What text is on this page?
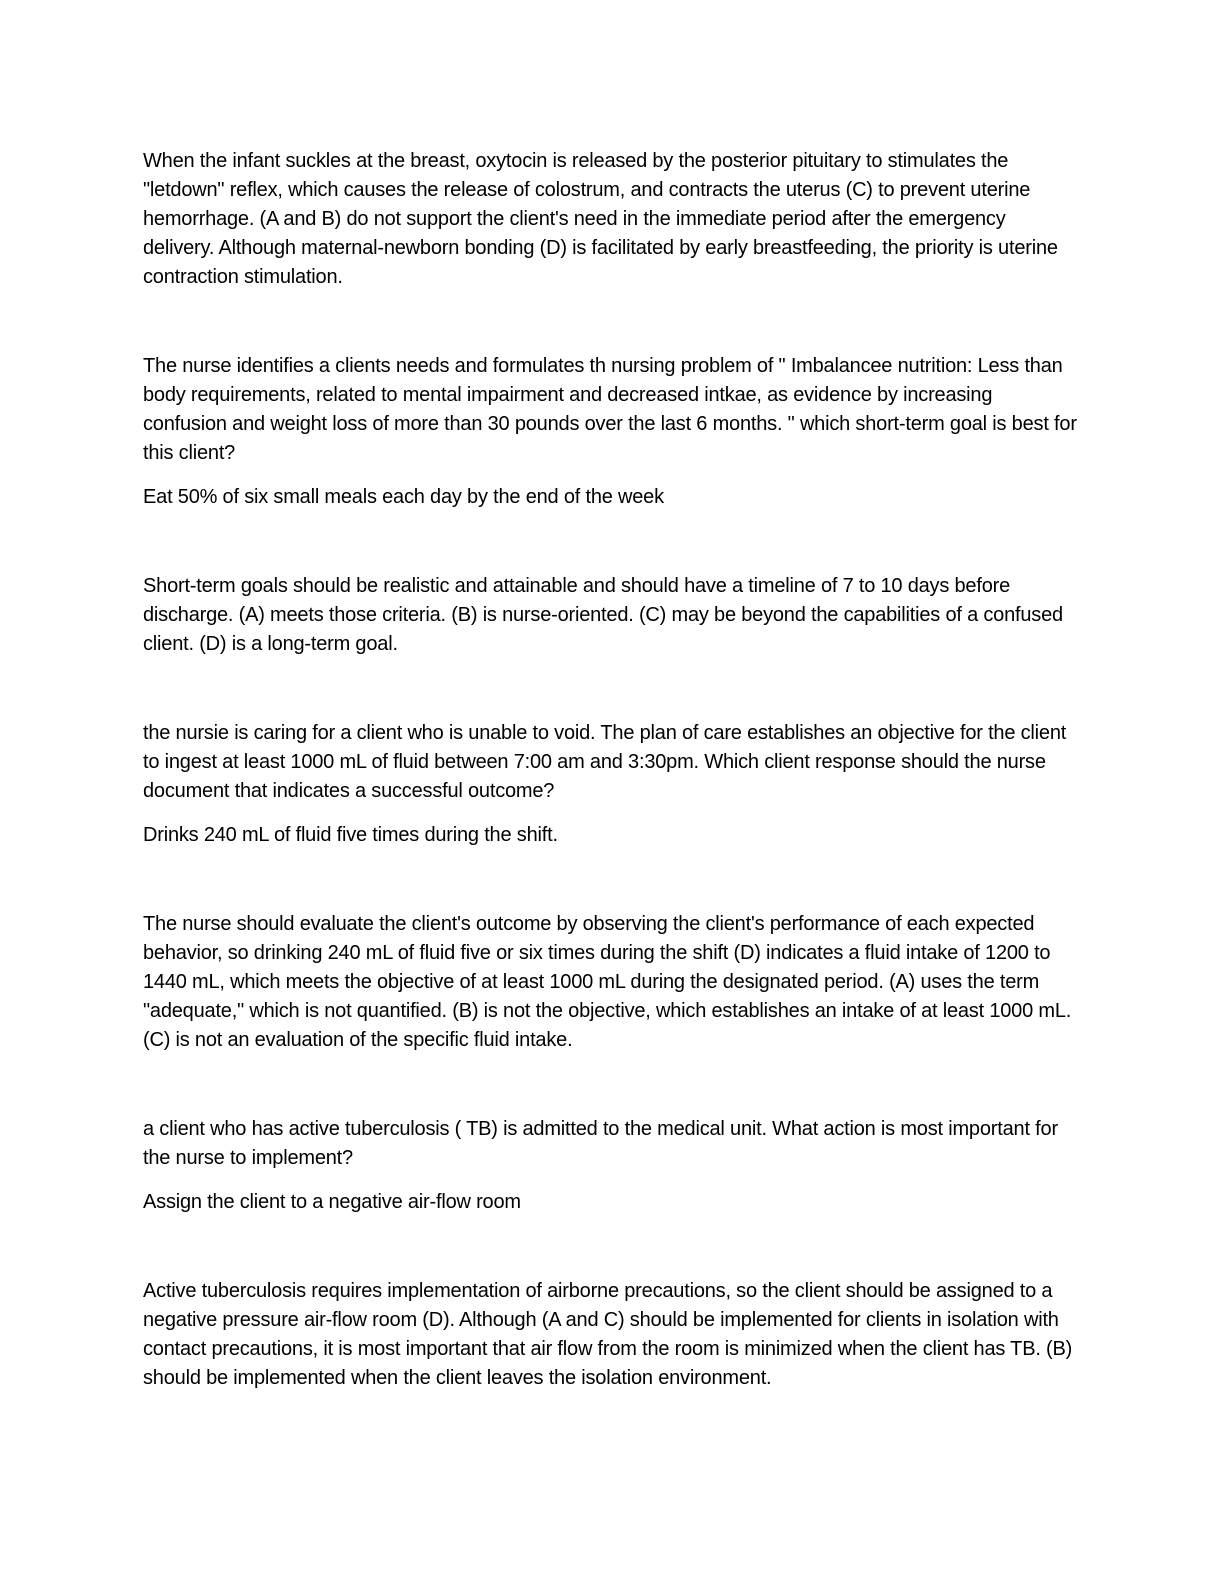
When the infant suckles at the breast, oxytocin is released by the posterior pituitary to stimulates the "letdown" reflex, which causes the release of colostrum, and contracts the uterus (C) to prevent uterine hemorrhage. (A and B) do not support the client's need in the immediate period after the emergency delivery. Although maternal-newborn bonding (D) is facilitated by early breastfeeding, the priority is uterine contraction stimulation.

The nurse identifies a clients needs and formulates th nursing problem of " Imbalancee nutrition: Less than body requirements, related to mental impairment and decreased intkae, as evidence by increasing confusion and weight loss of more than 30 pounds over the last 6 months. " which short-term goal is best for this client?

Eat 50% of six small meals each day by the end of the week

Short-term goals should be realistic and attainable and should have a timeline of 7 to 10 days before discharge. (A) meets those criteria. (B) is nurse-oriented. (C) may be beyond the capabilities of a confused client. (D) is a long-term goal.

the nursie is caring for a client who is unable to void. The plan of care establishes an objective for the client to ingest at least 1000 mL of fluid between 7:00 am and 3:30pm. Which client response should the nurse document that indicates a successful outcome?

Drinks 240 mL of fluid five times during the shift.

The nurse should evaluate the client's outcome by observing the client's performance of each expected behavior, so drinking 240 mL of fluid five or six times during the shift (D) indicates a fluid intake of 1200 to 1440 mL, which meets the objective of at least 1000 mL during the designated period. (A) uses the term "adequate," which is not quantified. (B) is not the objective, which establishes an intake of at least 1000 mL. (C) is not an evaluation of the specific fluid intake.

a client who has active tuberculosis ( TB) is admitted to the medical unit. What action is most important for the nurse to implement?

Assign the client to a negative air-flow room

Active tuberculosis requires implementation of airborne precautions, so the client should be assigned to a negative pressure air-flow room (D). Although (A and C) should be implemented for clients in isolation with contact precautions, it is most important that air flow from the room is minimized when the client has TB. (B) should be implemented when the client leaves the isolation environment.
